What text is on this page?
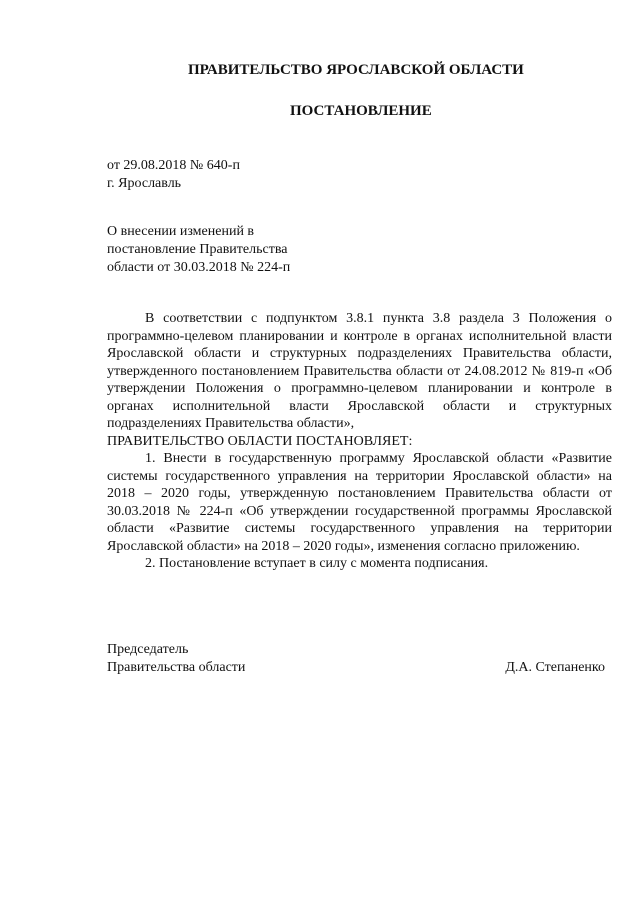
ПРАВИТЕЛЬСТВО ЯРОСЛАВСКОЙ ОБЛАСТИ
ПОСТАНОВЛЕНИЕ
от 29.08.2018 № 640-п
г. Ярославль
О внесении изменений в
постановление Правительства
области от 30.03.2018 № 224-п

В соответствии с подпунктом 3.8.1 пункта 3.8 раздела 3 Положения о программно-целевом планировании и контроле в органах исполнительной власти Ярославской области и структурных подразделениях Правительства области, утвержденного постановлением Правительства области от 24.08.2012 № 819-п «Об утверждении Положения о программно-целевом планировании и контроле в органах исполнительной власти Ярославской области и структурных подразделениях Правительства области»,

ПРАВИТЕЛЬСТВО ОБЛАСТИ ПОСТАНОВЛЯЕТ:

1. Внести в государственную программу Ярославской области «Развитие системы государственного управления на территории Ярославской области» на 2018 – 2020 годы, утвержденную постановлением Правительства области от 30.03.2018 № 224-п «Об утверждении государственной программы Ярославской области «Развитие системы государственного управления на территории Ярославской области» на 2018 – 2020 годы», изменения согласно приложению.

2. Постановление вступает в силу с момента подписания.

Председатель
Правительства области	Д.А. Степаненко
